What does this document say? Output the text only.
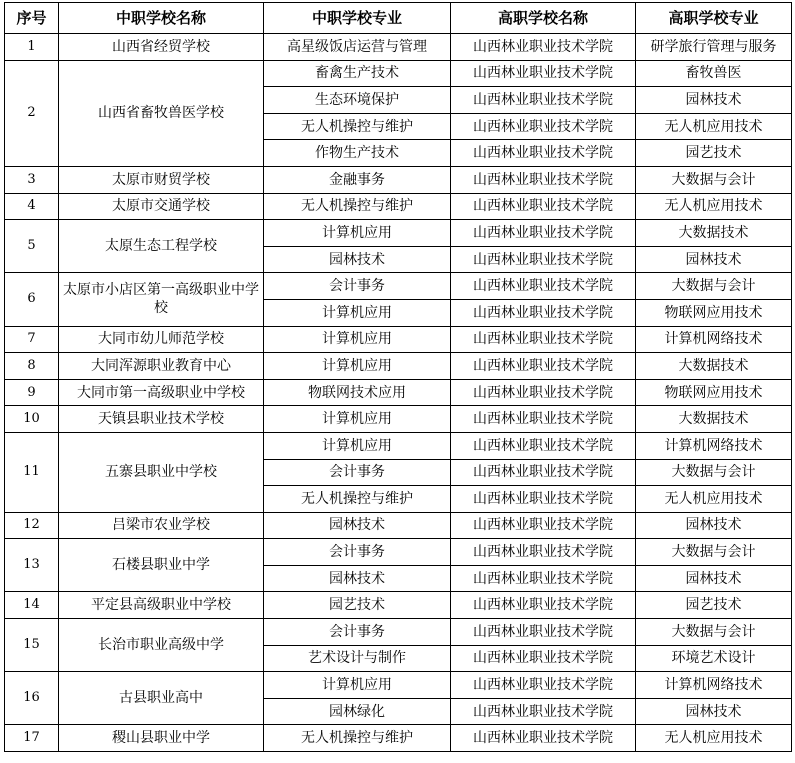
序号	中职学校名称	中职学校专业	高职学校名称	高职学校专业
1	山西省经贸学校	高星级饭店运营与管理	山西林业职业技术学院	研学旅行管理与服务
2	山西省畜牧兽医学校	畜禽生产技术	山西林业职业技术学院	畜牧兽医
		生态环境保护	山西林业职业技术学院	园林技术
		无人机操控与维护	山西林业职业技术学院	无人机应用技术
		作物生产技术	山西林业职业技术学院	园艺技术
3	太原市财贸学校	金融事务	山西林业职业技术学院	大数据与会计
4	太原市交通学校	无人机操控与维护	山西林业职业技术学院	无人机应用技术
5	太原生态工程学校	计算机应用	山西林业职业技术学院	大数据技术
		园林技术	山西林业职业技术学院	园林技术
6	太原市小店区第一高级职业中学校	会计事务	山西林业职业技术学院	大数据与会计
		计算机应用	山西林业职业技术学院	物联网应用技术
7	大同市幼儿师范学校	计算机应用	山西林业职业技术学院	计算机网络技术
8	大同浑源职业教育中心	计算机应用	山西林业职业技术学院	大数据技术
9	大同市第一高级职业中学校	物联网技术应用	山西林业职业技术学院	物联网应用技术
10	天镇县职业技术学校	计算机应用	山西林业职业技术学院	大数据技术
11	五寨县职业中学校	计算机应用	山西林业职业技术学院	计算机网络技术
		会计事务	山西林业职业技术学院	大数据与会计
		无人机操控与维护	山西林业职业技术学院	无人机应用技术
12	吕梁市农业学校	园林技术	山西林业职业技术学院	园林技术
13	石楼县职业中学	会计事务	山西林业职业技术学院	大数据与会计
		园林技术	山西林业职业技术学院	园林技术
14	平定县高级职业中学校	园艺技术	山西林业职业技术学院	园艺技术
15	长治市职业高级中学	会计事务	山西林业职业技术学院	大数据与会计
		艺术设计与制作	山西林业职业技术学院	环境艺术设计
16	古县职业高中	计算机应用	山西林业职业技术学院	计算机网络技术
		园林绿化	山西林业职业技术学院	园林技术
17	稷山县职业中学	无人机操控与维护	山西林业职业技术学院	无人机应用技术
